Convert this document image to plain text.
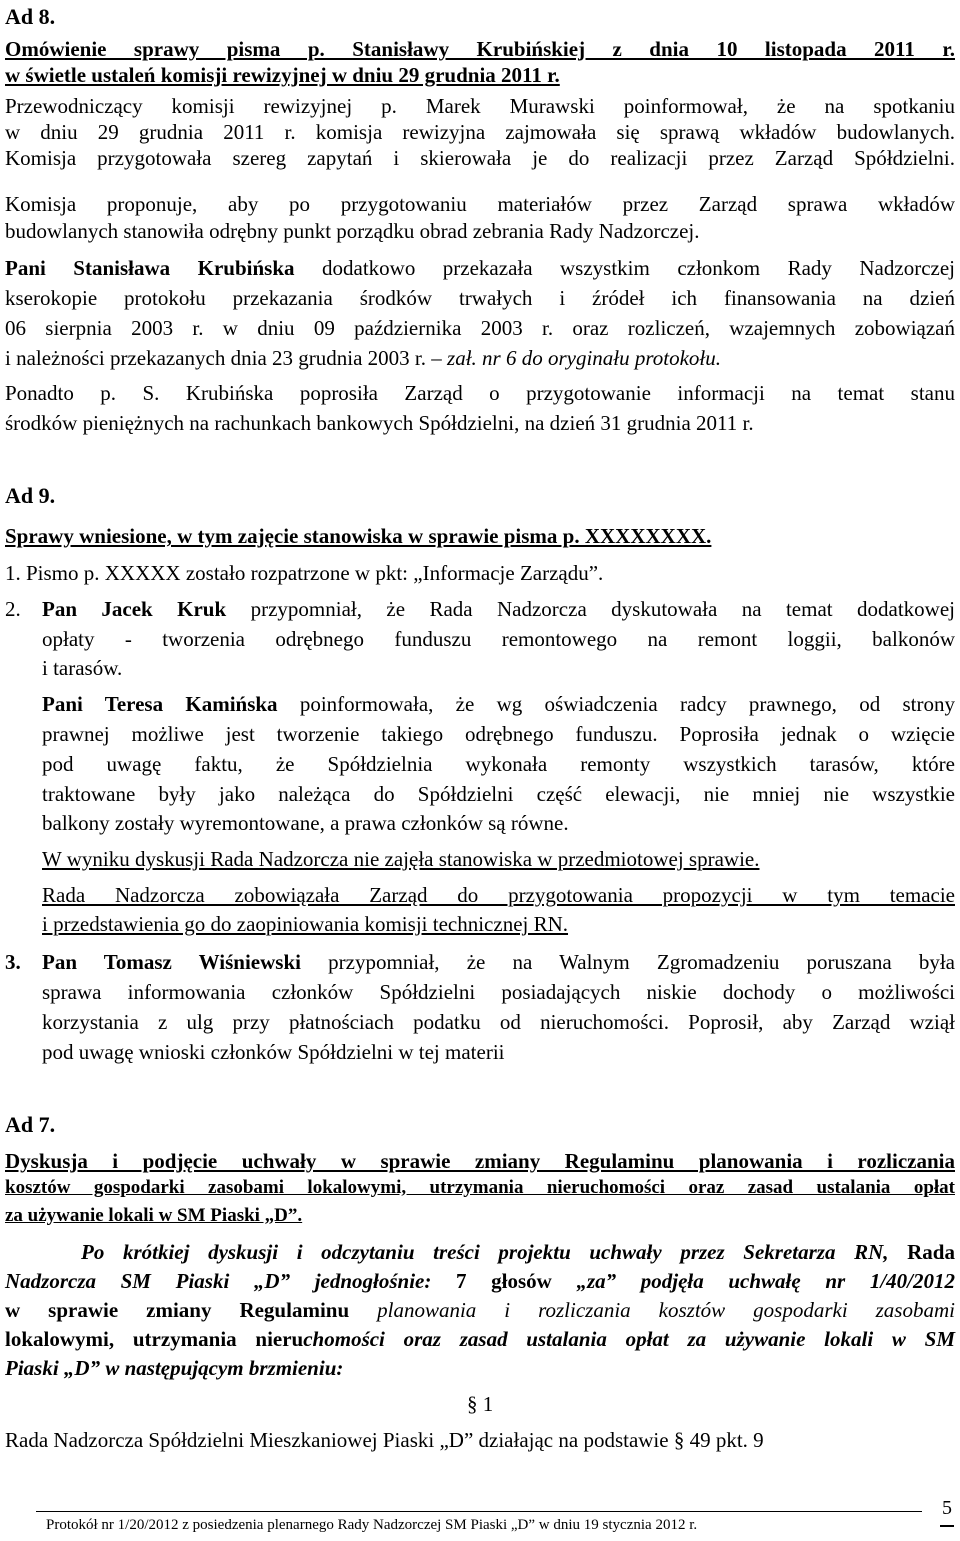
Ad 8.
Omówienie sprawy pisma p. Stanisławy Krubińskiej z dnia 10 listopada 2011 r.
w świetle ustaleń komisji rewizyjnej w dniu 29 grudnia 2011 r.
Przewodniczący komisji rewizyjnej p. Marek Murawski poinformował, że na spotkaniu
w dniu 29 grudnia 2011 r. komisja rewizyjna zajmowała się sprawą wkładów budowlanych.
Komisja przygotowała szereg zapytań i skierowała je do realizacji przez Zarząd Spółdzielni.
Komisja proponuje, aby po przygotowaniu materiałów przez Zarząd sprawa wkładów
budowlanych stanowiła odrębny punkt porządku obrad zebrania Rady Nadzorczej.
Pani Stanisława Krubińska dodatkowo przekazała wszystkim członkom Rady Nadzorczej
kserokopie protokołu przekazania środków trwałych i źródeł ich finansowania na dzień
06 sierpnia 2003 r. w dniu 09 października 2003 r. oraz rozliczeń, wzajemnych zobowiązań
i należności przekazanych dnia 23 grudnia 2003 r. – zał. nr 6 do oryginału protokołu.
Ponadto p. S. Krubińska poprosiła Zarząd o przygotowanie informacji na temat stanu
środków pieniężnych na rachunkach bankowych Spółdzielni, na dzień 31 grudnia 2011 r.
Ad 9.
Sprawy wniesione, w tym zajęcie stanowiska w sprawie pisma p. XXXXXXXX.
1. Pismo p. XXXXX zostało rozpatrzone w pkt: „Informacje Zarządu”.
2. Pan Jacek Kruk przypomniał, że Rada Nadzorcza dyskutowała na temat dodatkowej
opłaty - tworzenia odrębnego funduszu remontowego na remont loggii, balkonów
i tarasów.
Pani Teresa Kamińska poinformowała, że wg oświadczenia radcy prawnego, od strony
prawnej możliwe jest tworzenie takiego odrębnego funduszu. Poprosiła jednak o wzięcie
pod uwagę faktu, że Spółdzielnia wykonała remonty wszystkich tarasów, które
traktowane były jako należąca do Spółdzielni część elewacji, nie mniej nie wszystkie
balkony zostały wyremontowane, a prawa członków są równe.
W wyniku dyskusji Rada Nadzorcza nie zajęła stanowiska w przedmiotowej sprawie.
Rada Nadzorcza zobowiązała Zarząd do przygotowania propozycji w tym temacie
i przedstawienia go do zaopiniowania komisji technicznej RN.
3. Pan Tomasz Wiśniewski przypomniał, że na Walnym Zgromadzeniu poruszana była
sprawa informowania członków Spółdzielni posiadających niskie dochody o możliwości
korzystania z ulg przy płatnościach podatku od nieruchomości. Poprosił, aby Zarząd wziął
pod uwagę wnioski członków Spółdzielni w tej materii
Ad 7.
Dyskusja i podjęcie uchwały w sprawie zmiany Regulaminu planowania i rozliczania
kosztów gospodarki zasobami lokalowymi, utrzymania nieruchomości oraz zasad ustalania opłat
za używanie lokali w SM Piaski „D”.
Po krótkiej dyskusji i odczytaniu treści projektu uchwały przez Sekretarza RN, Rada
Nadzorcza SM Piaski „D” jednogłośnie: 7 głosów „za” podjęła uchwałę nr 1/40/2012
w sprawie zmiany Regulaminu planowania i rozliczania kosztów gospodarki zasobami
lokalowymi, utrzymania nieruchomości oraz zasad ustalania opłat za używanie lokali w SM
Piaski „D” w następującym brzmieniu:
§ 1
Rada Nadzorcza Spółdzielni Mieszkaniowej Piaski „D” działając na podstawie § 49 pkt. 9
Protokół nr 1/20/2012 z posiedzenia plenarnego Rady Nadzorczej SM Piaski „D” w dniu 19 stycznia 2012 r.
5
